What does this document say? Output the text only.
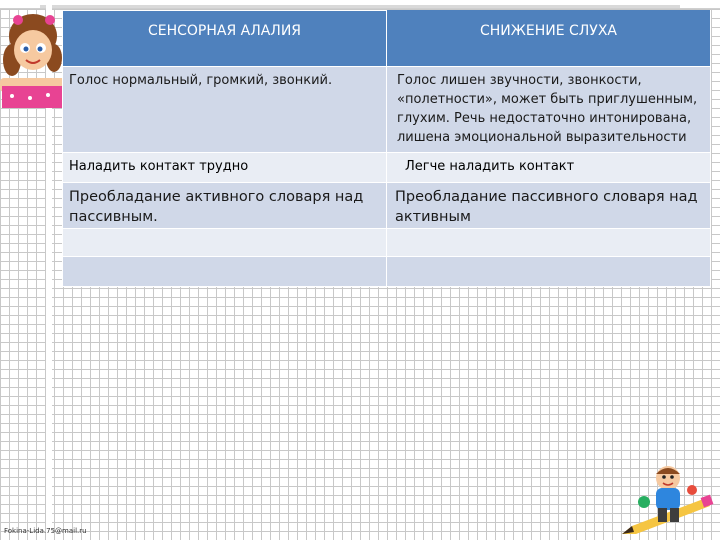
СЕНСОРНАЯ АЛАЛИЯ	СНИЖЕНИЕ СЛУХА
Голос нормальный, громкий, звонкий.	Голос лишен звучности, звонкости, «полетности», может быть приглушенным, глухим. Речь недостаточно интонирована, лишена эмоциональной выразительности
Наладить контакт трудно	Легче наладить контакт
Преобладание активного словаря над пассивным.	Преобладание пассивного словаря над активным

Fokina-Lida.75@mail.ru
